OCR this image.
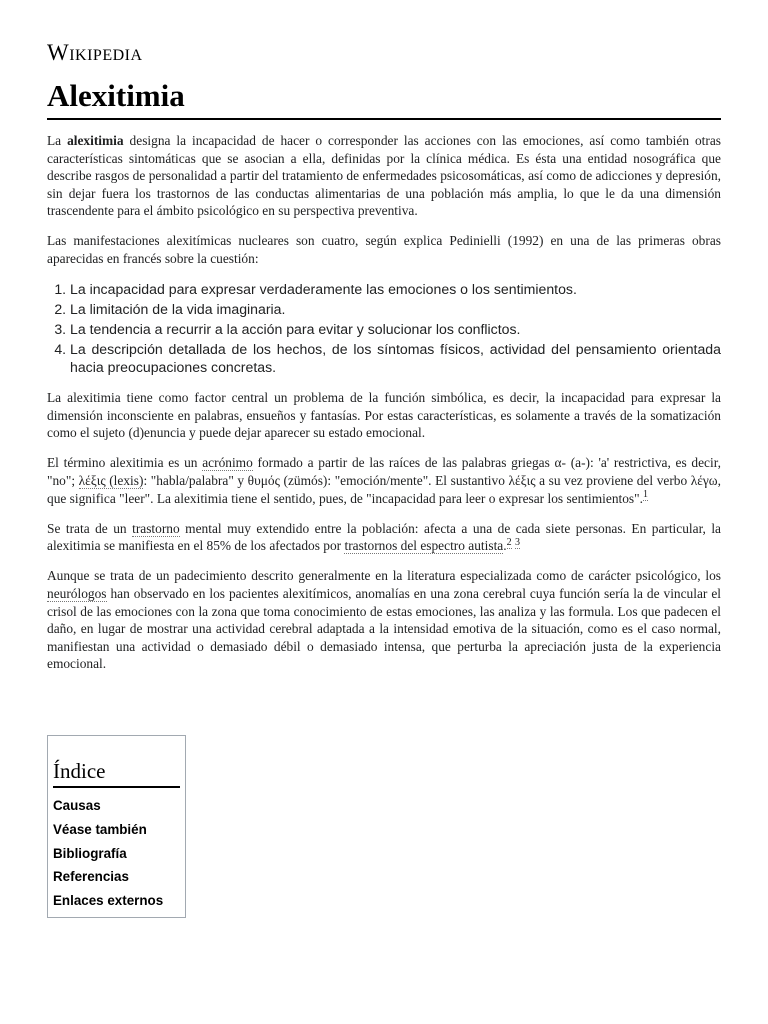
Wikipedia
Alexitimia

La alexitimia designa la incapacidad de hacer o corresponder las acciones con las emociones, así como también otras características sintomáticas que se asocian a ella, definidas por la clínica médica. Es ésta una entidad nosográfica que describe rasgos de personalidad a partir del tratamiento de enfermedades psicosomáticas, así como de adicciones y depresión, sin dejar fuera los trastornos de las conductas alimentarias de una población más amplia, lo que le da una dimensión trascendente para el ámbito psicológico en su perspectiva preventiva.

Las manifestaciones alexitímicas nucleares son cuatro, según explica Pedinielli (1992) en una de las primeras obras aparecidas en francés sobre la cuestión:

1. La incapacidad para expresar verdaderamente las emociones o los sentimientos.
2. La limitación de la vida imaginaria.
3. La tendencia a recurrir a la acción para evitar y solucionar los conflictos.
4. La descripción detallada de los hechos, de los síntomas físicos, actividad del pensamiento orientada hacia preocupaciones concretas.

La alexitimia tiene como factor central un problema de la función simbólica, es decir, la incapacidad para expresar la dimensión inconsciente en palabras, ensueños y fantasías. Por estas características, es solamente a través de la somatización como el sujeto (d)enuncia y puede dejar aparecer su estado emocional.

El término alexitimia es un acrónimo formado a partir de las raíces de las palabras griegas α- (a-): 'a' restrictiva, es decir, "no"; λέξις (lexis): "habla/palabra" y θυμός (zümós): "emoción/mente". El sustantivo λέξις a su vez proviene del verbo λέγω, que significa "leer". La alexitimia tiene el sentido, pues, de "incapacidad para leer o expresar los sentimientos".$^1$

Se trata de un trastorno mental muy extendido entre la población: afecta a una de cada siete personas. En particular, la alexitimia se manifiesta en el 85% de los afectados por trastornos del espectro autista.$^2$ $^3$

Aunque se trata de un padecimiento descrito generalmente en la literatura especializada como de carácter psicológico, los neurólogos han observado en los pacientes alexitímicos, anomalías en una zona cerebral cuya función sería la de vincular el crisol de las emociones con la zona que toma conocimiento de estas emociones, las analiza y las formula. Los que padecen el daño, en lugar de mostrar una actividad cerebral adaptada a la intensidad emotiva de la situación, como es el caso normal, manifiestan una actividad o demasiado débil o demasiado intensa, que perturba la apreciación justa de la experiencia emocional.

Índice
Causas
Véase también
Bibliografía
Referencias
Enlaces externos
